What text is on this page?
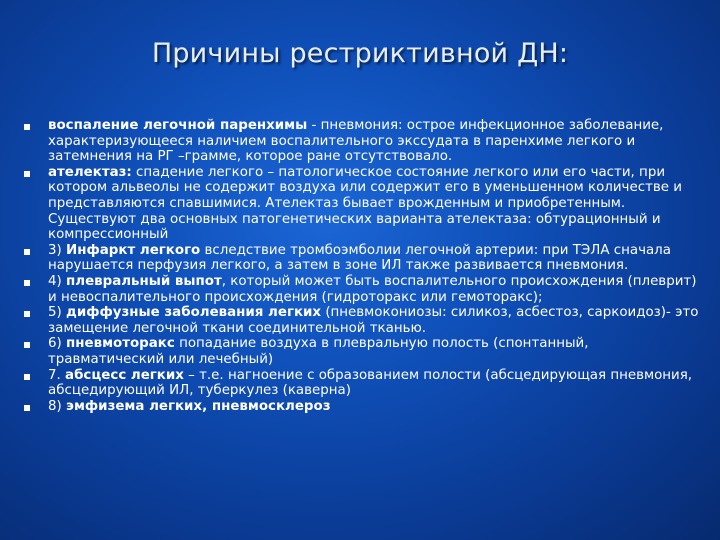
Причины рестриктивной ДН:
воспаление легочной паренхимы - пневмония: острое инфекционное заболевание, характеризующееся наличием воспалительного экссудата в паренхиме легкого и затемнения на РГ –грамме, которое ране отсутствовало.
ателектаз: спадение легкого – патологическое состояние легкого или его части, при котором альвеолы не содержит воздуха или содержит его в уменьшенном количестве и представляются спавшимися. Ателектаз бывает врожденным и приобретенным. Существуют два основных патогенетических варианта ателектаза: обтурационный и компрессионный
3) Инфаркт легкого вследствие тромбоэмболии легочной артерии: при ТЭЛА сначала нарушается перфузия легкого, а затем в зоне ИЛ также развивается пневмония.
4) плевральный выпот, который может быть воспалительного происхождения (плеврит) и невоспалительного происхождения (гидроторакс или гемоторакс);
5) диффузные заболевания легких (пневмокониозы: силикоз, асбестоз, саркоидоз)- это замещение легочной ткани соединительной тканью.
6) пневмоторакс попадание воздуха в плевральную полость (спонтанный, травматический или лечебный)
7. абсцесс легких – т.е. нагноение с образованием полости (абсцедирующая пневмония, абсцедирующий ИЛ, туберкулез (каверна)
8) эмфизема легких, пневмосклероз
